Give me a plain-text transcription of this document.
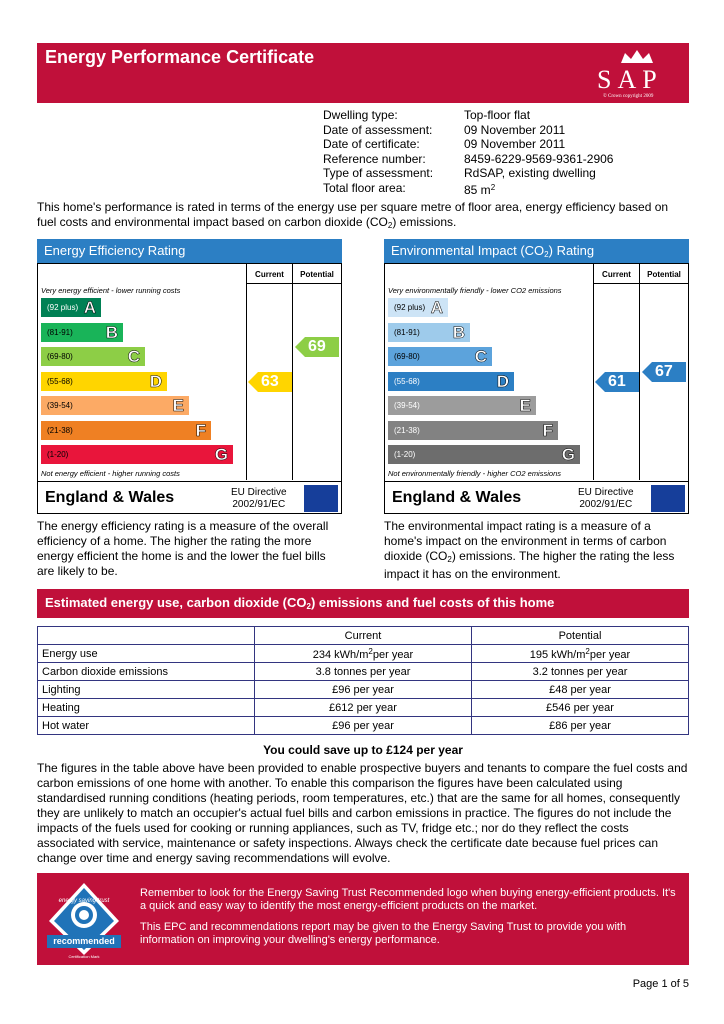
Energy Performance Certificate
SAP
© Crown copyright 2009
Dwelling type:	Top-floor flat
Date of assessment:	09 November 2011
Date of certificate:	09 November 2011
Reference number:	8459-6229-9569-9361-2906
Type of assessment:	RdSAP, existing dwelling
Total floor area:	85 $m^2$
This home's performance is rated in terms of the energy use per square metre of floor area, energy efficiency based on fuel costs and environmental impact based on carbon dioxide $(CO_2)$ emissions.
Energy Efficiency Rating
Current	Potential
Very energy efficient - lower running costs
Not energy efficient - higher running costs
England & Wales	EU Directive
2002/91/EC
(92 plus) A
(81-91) B
(69-80)	C
(55-68)	D
(39-54)	E
(21-38)	F
(1-20)	G
63
69
Environmental Impact $(CO_2)$ Rating
Current	Potential
Very environmentally friendly - lower CO2 emissions
Not environmentally friendly - higher CO2 emissions
England & Wales	EU Directive
2002/91/EC
(92 plus) A
(81-91) B
(69-80)	C
(55-68)	D
(39-54)	E
(21-38)	F
(1-20)	G
61
67
The energy efficiency rating is a measure of the overall efficiency of a home. The higher the rating the more energy efficient the home is and the lower the fuel bills are likely to be.
The environmental impact rating is a measure of a home's impact on the environment in terms of carbon dioxide $(CO_2)$ emissions. The higher the rating the less impact it has on the environment.
Estimated energy use, carbon dioxide $(CO_2)$ emissions and fuel costs of this home
	Current	Potential
Energy use	234 kWh/$m^2per$ year	195 kWh/$m^2per$ year
Carbon dioxide emissions	3.8 tonnes per year	3.2 tonnes per year
Lighting	£96 per year	£48 per year
Heating	£612 per year	£546 per year
Hot water	£96 per year	£86 per year
You could save up to £124 per year
The figures in the table above have been provided to enable prospective buyers and tenants to compare the fuel costs and carbon emissions of one home with another. To enable this comparison the figures have been calculated using standardised running conditions (heating periods, room temperatures, etc.) that are the same for all homes, consequently they are unlikely to match an occupier's actual fuel bills and carbon emissions in practice. The figures do not include the impacts of the fuels used for cooking or running appliances, such as TV, fridge etc.; nor do they reflect the costs associated with service, maintenance or safety inspections. Always check the certificate date because fuel prices can change over time and energy saving recommendations will evolve.
recommended
energy saving trust
Certification Mark

Remember to look for the Energy Saving Trust Recommended logo when buying energy-efficient products. It's a quick and easy way to identify the most energy-efficient products on the market.

This EPC and recommendations report may be given to the Energy Saving Trust to provide you with information on improving your dwelling's energy performance.

Page 1 of 5
